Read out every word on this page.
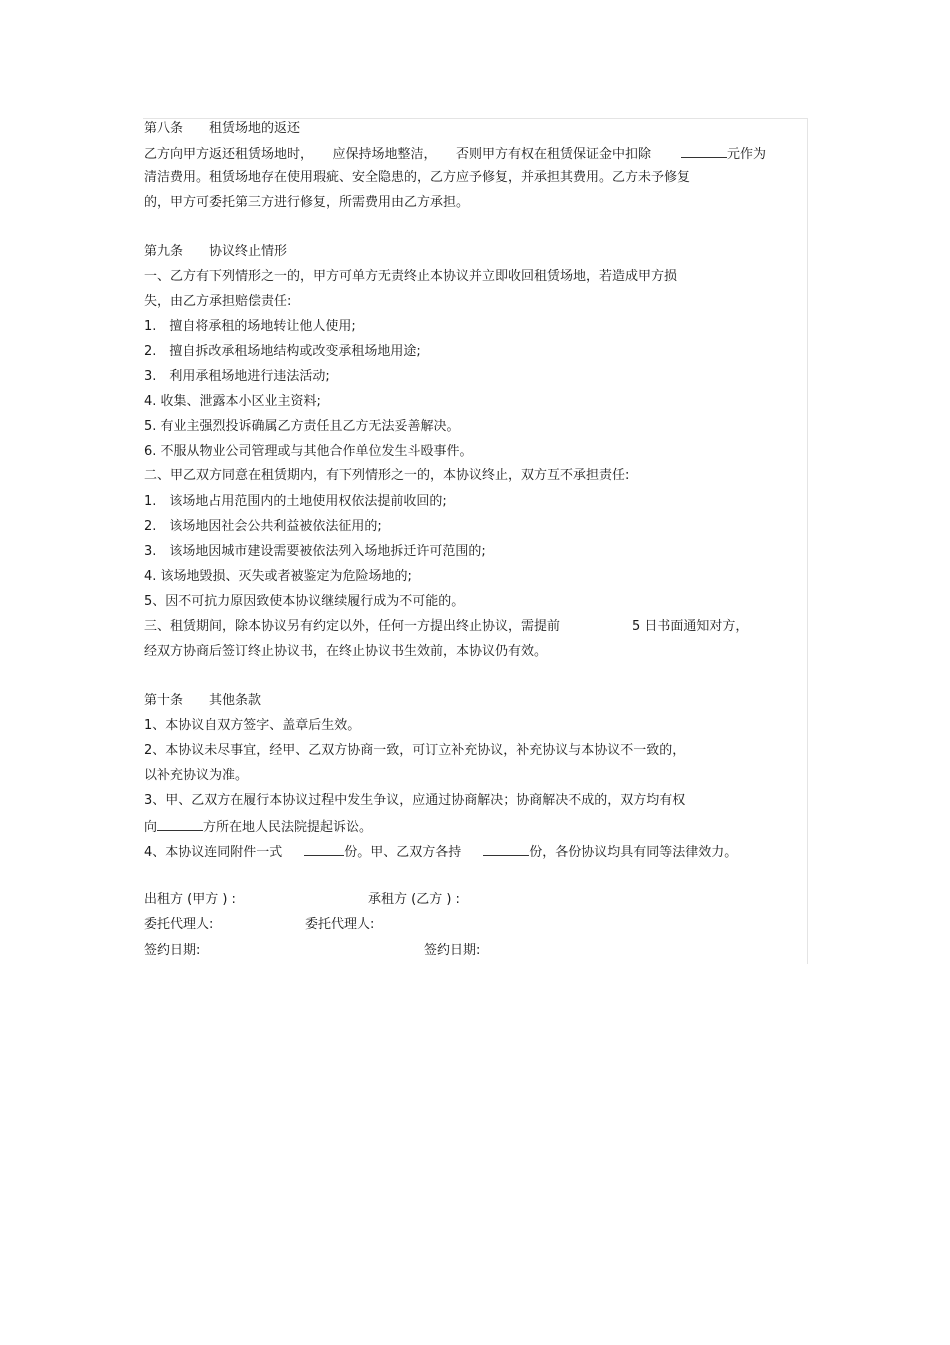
第八条　　租赁场地的返还
乙方向甲方返还租赁场地时，　　应保持场地整洁，　　否则甲方有权在租赁保证金中扣除	元作为
清洁费用。租赁场地存在使用瑕疵、安全隐患的，乙方应予修复，并承担其费用。乙方未予修复
的，甲方可委托第三方进行修复，所需费用由乙方承担。
第九条　　协议终止情形
一、乙方有下列情形之一的，甲方可单方无责终止本协议并立即收回租赁场地，若造成甲方损
失，由乙方承担赔偿责任:
1.　擅自将承租的场地转让他人使用;
2.　擅自拆改承租场地结构或改变承租场地用途;
3.　利用承租场地进行违法活动;
4. 收集、泄露本小区业主资料;
5. 有业主强烈投诉确属乙方责任且乙方无法妥善解决。
6. 不服从物业公司管理或与其他合作单位发生斗殴事件。
二、甲乙双方同意在租赁期内，有下列情形之一的，本协议终止，双方互不承担责任:
1.　该场地占用范围内的土地使用权依法提前收回的;
2.　该场地因社会公共利益被依法征用的;
3.　该场地因城市建设需要被依法列入场地拆迁许可范围的;
4. 该场地毁损、灭失或者被鉴定为危险场地的;
5、因不可抗力原因致使本协议继续履行成为不可能的。
三、租赁期间，除本协议另有约定以外，任何一方提出终止协议，需提前	5 日书面通知对方，
经双方协商后签订终止协议书，在终止协议书生效前，本协议仍有效。
第十条　　其他条款
1、本协议自双方签字、盖章后生效。
2、本协议未尽事宜，经甲、乙双方协商一致，可订立补充协议，补充协议与本协议不一致的，
以补充协议为准。
3、甲、乙双方在履行本协议过程中发生争议，应通过协商解决；协商解决不成的，双方均有权
向	方所在地人民法院提起诉讼。
4、本协议连同附件一式	份。甲、乙双方各持	份，各份协议均具有同等法律效力。
出租方 (甲方 ) :	承租方 (乙方 ) :
委托代理人:	委托代理人:
签约日期:	签约日期:
